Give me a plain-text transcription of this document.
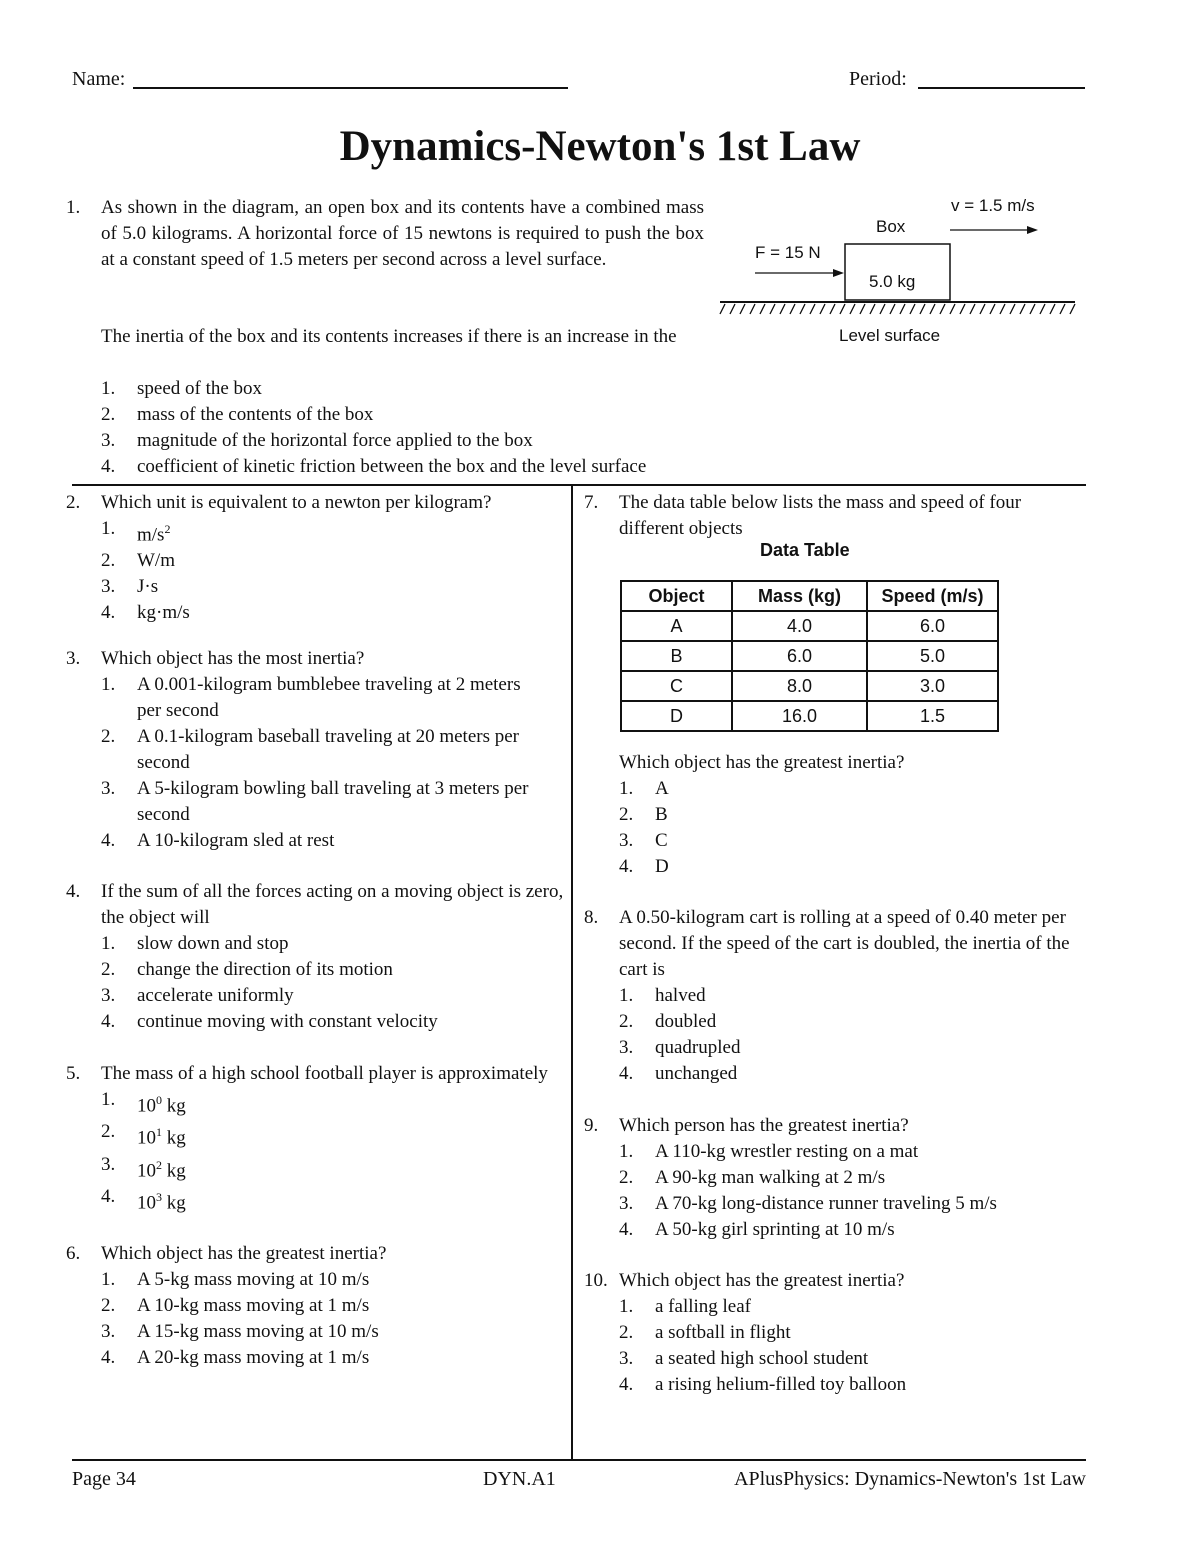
Name:	Period:
Dynamics-Newton's 1st Law
1. As shown in the diagram, an open box and its contents have a combined mass of 5.0 kilograms. A horizontal force of 15 newtons is required to push the box at a constant speed of 1.5 meters per second across a level surface.
The inertia of the box and its contents increases if there is an increase in the
1. speed of the box
2. mass of the contents of the box
3. magnitude of the horizontal force applied to the box
4. coefficient of kinetic friction between the box and the level surface
v = 1.5 m/s
Box
F = 15 N
5.0 kg
Level surface
2. Which unit is equivalent to a newton per kilogram?
1. $m/s^2$
2. W/m
3. J·s
4. kg·m/s
3. Which object has the most inertia?
1. A 0.001-kilogram bumblebee traveling at 2 meters per second
2. A 0.1-kilogram baseball traveling at 20 meters per second
3. A 5-kilogram bowling ball traveling at 3 meters per second
4. A 10-kilogram sled at rest
4. If the sum of all the forces acting on a moving object is zero, the object will
1. slow down and stop
2. change the direction of its motion
3. accelerate uniformly
4. continue moving with constant velocity
5. The mass of a high school football player is approximately
1. $10^0$ kg
2. $10^1$ kg
3. $10^2$ kg
4. $10^3$ kg
6. Which object has the greatest inertia?
1. A 5-kg mass moving at 10 m/s
2. A 10-kg mass moving at 1 m/s
3. A 15-kg mass moving at 10 m/s
4. A 20-kg mass moving at 1 m/s
7. The data table below lists the mass and speed of four different objects
Data Table
Object	Mass (kg)	Speed (m/s)
A	4.0	6.0
B	6.0	5.0
C	8.0	3.0
D	16.0	1.5
Which object has the greatest inertia?
1. A
2. B
3. C
4. D
8. A 0.50-kilogram cart is rolling at a speed of 0.40 meter per second. If the speed of the cart is doubled, the inertia of the cart is
1. halved
2. doubled
3. quadrupled
4. unchanged
9. Which person has the greatest inertia?
1. A 110-kg wrestler resting on a mat
2. A 90-kg man walking at 2 m/s
3. A 70-kg long-distance runner traveling 5 m/s
4. A 50-kg girl sprinting at 10 m/s
10. Which object has the greatest inertia?
1. a falling leaf
2. a softball in flight
3. a seated high school student
4. a rising helium-filled toy balloon
Page 34	DYN.A1	APlusPhysics: Dynamics-Newton's 1st Law
